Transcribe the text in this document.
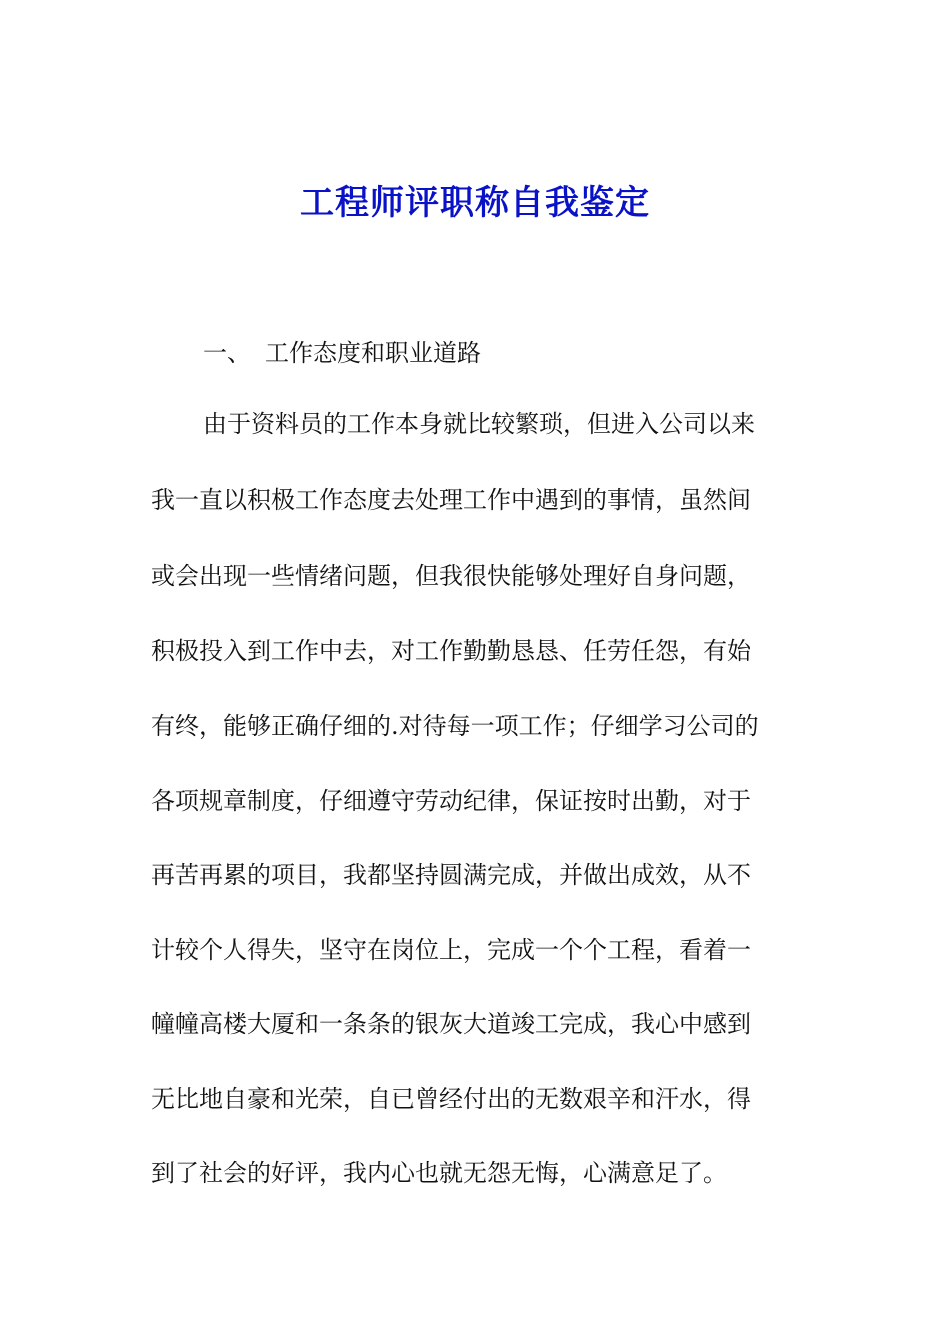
工程师评职称自我鉴定
一、 工作态度和职业道路
由于资料员的工作本身就比较繁琐，但进入公司以来
我一直以积极工作态度去处理工作中遇到的事情，虽然间
或会出现一些情绪问题，但我很快能够处理好自身问题，
积极投入到工作中去，对工作勤勤恳恳、任劳任怨，有始
有终，能够正确仔细的.对待每一项工作；仔细学习公司的
各项规章制度，仔细遵守劳动纪律，保证按时出勤，对于
再苦再累的项目，我都坚持圆满完成，并做出成效，从不
计较个人得失，坚守在岗位上，完成一个个工程，看着一
幢幢高楼大厦和一条条的银灰大道竣工完成，我心中感到
无比地自豪和光荣，自已曾经付出的无数艰辛和汗水，得
到了社会的好评，我内心也就无怨无悔，心满意足了。
